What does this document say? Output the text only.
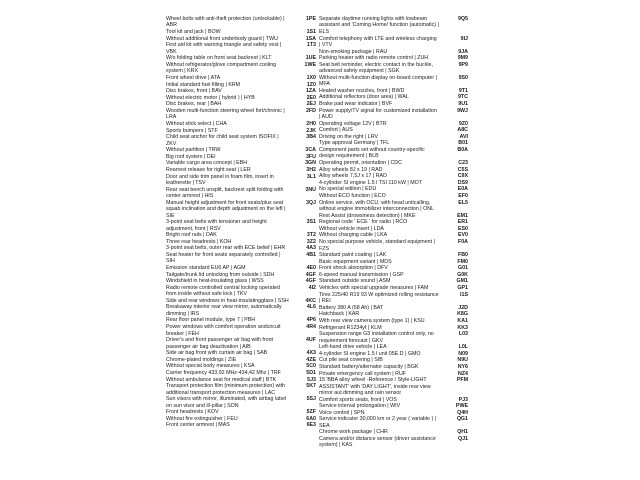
Wheel bolts with anti-theft protection (unlockable) | ABR
Tool kit and jack | BOW
Without additional front underbody guard | TWU
First aid kit with warning triangle and safety vest | VBK
W/o folding table on front seat backrest | KLT
Without refrigerator/glove compartment cooling system | KRX
Front wheel drive | ATA
Initial standard fuel filling | KRM
Disc brakes, front | BAV
Without electric motor ( hybrid ) | HYB
Disc brakes, rear | BAH
Wooden multi-function steering wheel fort/chronic | LRA
Without stick select | CHA
Sports bumpers | STF
Child seat anchor for child seat system ISOFIX | ZKV
Without partition | TRW
Big roof system | DEI
Variable cargo area concept | EBH
Rearrest release for right seat | LER
Door and side trim panel in foam film, insert in leatherette | TSV
Rear seat bench unsplit, backrest split folding with center armrest | HIS
Manual height adjustment for front seats/plus seat squab inclination and depth adjustment on the left | SIE
3-point seat belts with tensioner and height adjustment, front | RSV
Bright roof rails | DAK
Three rear headrests | KOH
3-point seat belts, outer rear with ECE belief | EHR
Seat heater for front seats separately controlled | SIH
Emission standard EU6 AP | AGM
Tailgate/trunk lid unlocking from outside | SDH
Windshield in heat-insulating glass | WSS
Radio remote controlled central locking operated from inside without safe lock | TKV
Side and rear windows in heat-insulatingglass | SSH
Breakaway interior rear view mirror, automatically dimming | IRS
Rear floor panel module, type 7 | PBH
Power windows with comfort operation andcircuit breaker | FEH
Driver's and front passenger air bag with front passenger air bag deactivation | AIB
Side air bag front with curtain air bag | SAB
Chrome-plated moldings | ZIE
Without special body measures | KSA
Carrier frequency 433,92 MHz-434,42 Mhz | TRF
Without ambulance seat for medical staff | BTK
Transport protection film (minimum protection) with additional transport protection measures | LAC
Sun visors with mirror, illuminated, with airbag label on sun visor and ill-pillar | SON
Front headrests | KOV
Without fire extinguisher | FEU
Front center armrest | MAS
1PE
1S1
1SA
1T3
1UE
1WE
1X0
1Z0
1ZA
2E0
2EJ
2FD
2H0
2JK
3B4
3CA
3FU
3GN
3H2
3L1
3NU
3QJ
3S1
3T2
3Z2
4A3
4B1
4E0
4GF
4GF
4I2
4KC
4L6
4P6
4R4
4UF
4X3
4ZE
5C0
5D1
5J3
5K7
5SJ
5ZF
6A0
6E3
Separate daytime running lights with lowbeam assistant and 'Coming Home/ function (automatic) | ELS
Comfort telephony with LTE and wireless charging | VTV
Non-smoking package | RAU
Parking heater with radio remote control | ZUH
Seat belt reminder, electric contact in the buckle, advanced safety equipment | SGK
Without multi-function display on-board computer | MFA
Heated washer nozzles, front | BWD
Additional reflectors (door area) | WAL
Brake pad wear indicator | BVF
Power supply/TV signal for customized installation | AUD
Operating voltage 12V | BTR
Comfort | AUS
Driving on the right | LRV
Type approval Germany | TFL
Component parts set without country-specific design requirement | BLB
Operating permit, orientation | CDC
Alloy wheels 8J x 19 | RAD
Alloy wheels 7,5J x 17 | RAD
4-cylinder SI engine 1.5 l TSI 110 kW | MOT
No special edition | EDU
Without ECO function | ECO
Online service, with OCU, with head unitcalling, without engine immobilizer interconnection | ONL
Rest Assist (drowsiness detection) | MKE
Regional code ' ECE ' for radio | RCO
Without vehicle insert | LDA
Without charging cable | LKA
No special purpose vehicle, standard equipment | FZS
Standard paint coating | LAK
Basic equipment variant | MDS
Front shock absorption | DFV
6-speed manual transmission | GSP
Standard outside sound | ASM
Vehicles with special upgrade measures | FAM
Tires 225/40 R19 93 W optimized rolling resistance | REI
Battery 380 A (68 Ah) | BAT
Hatchback | KAR
With rear view camera system (type 1) | KSU
Refrigerant R1234yf | KLM
Suspension range G3 installation control only, no requirement forecast | GKV
Left-hand drive vehicle | LEA
4-cylinder SI engine 1.5 l unit 05E.D | GMO
Cut pile seat covering | SIB
Standard battery/alternator capacity | BGK
Private emergency call system | RUF
15 'BBA alloy wheel -Reference / Style-LIGHT ASSISTANT' with 'DAY LIGHT', inside rear view mirror aut.dimming and rain sensor
Comfort sports seats, front | VOS
Service interval prolongation | WIV
Voice control | SPN
Service indicator 30,000 km or 2 year ( variable ) | SEA
Chrome work package | CHR
Camera and/or distance sensor (driver assistance system) | KAS
9Q5
9IJ
9JA
9M9
9P9
9S0
9T1
9TC
9U1
9WJ
9Z0
A8C
AVI
B01
B0A
C23
C5S
C9X
DS9
E0A
EF0
EL5
EM1
ER1
ES0
EV0
F0A
FB0
FM0
G01
G0K
GM1
GP1
I1S
J2D
K8G
KA1
KK3
L03
L0L
N09
N9U
NY6
NZ4
PFM
PJ3
PWE
Q4H
QG1
QH1
QJ1
